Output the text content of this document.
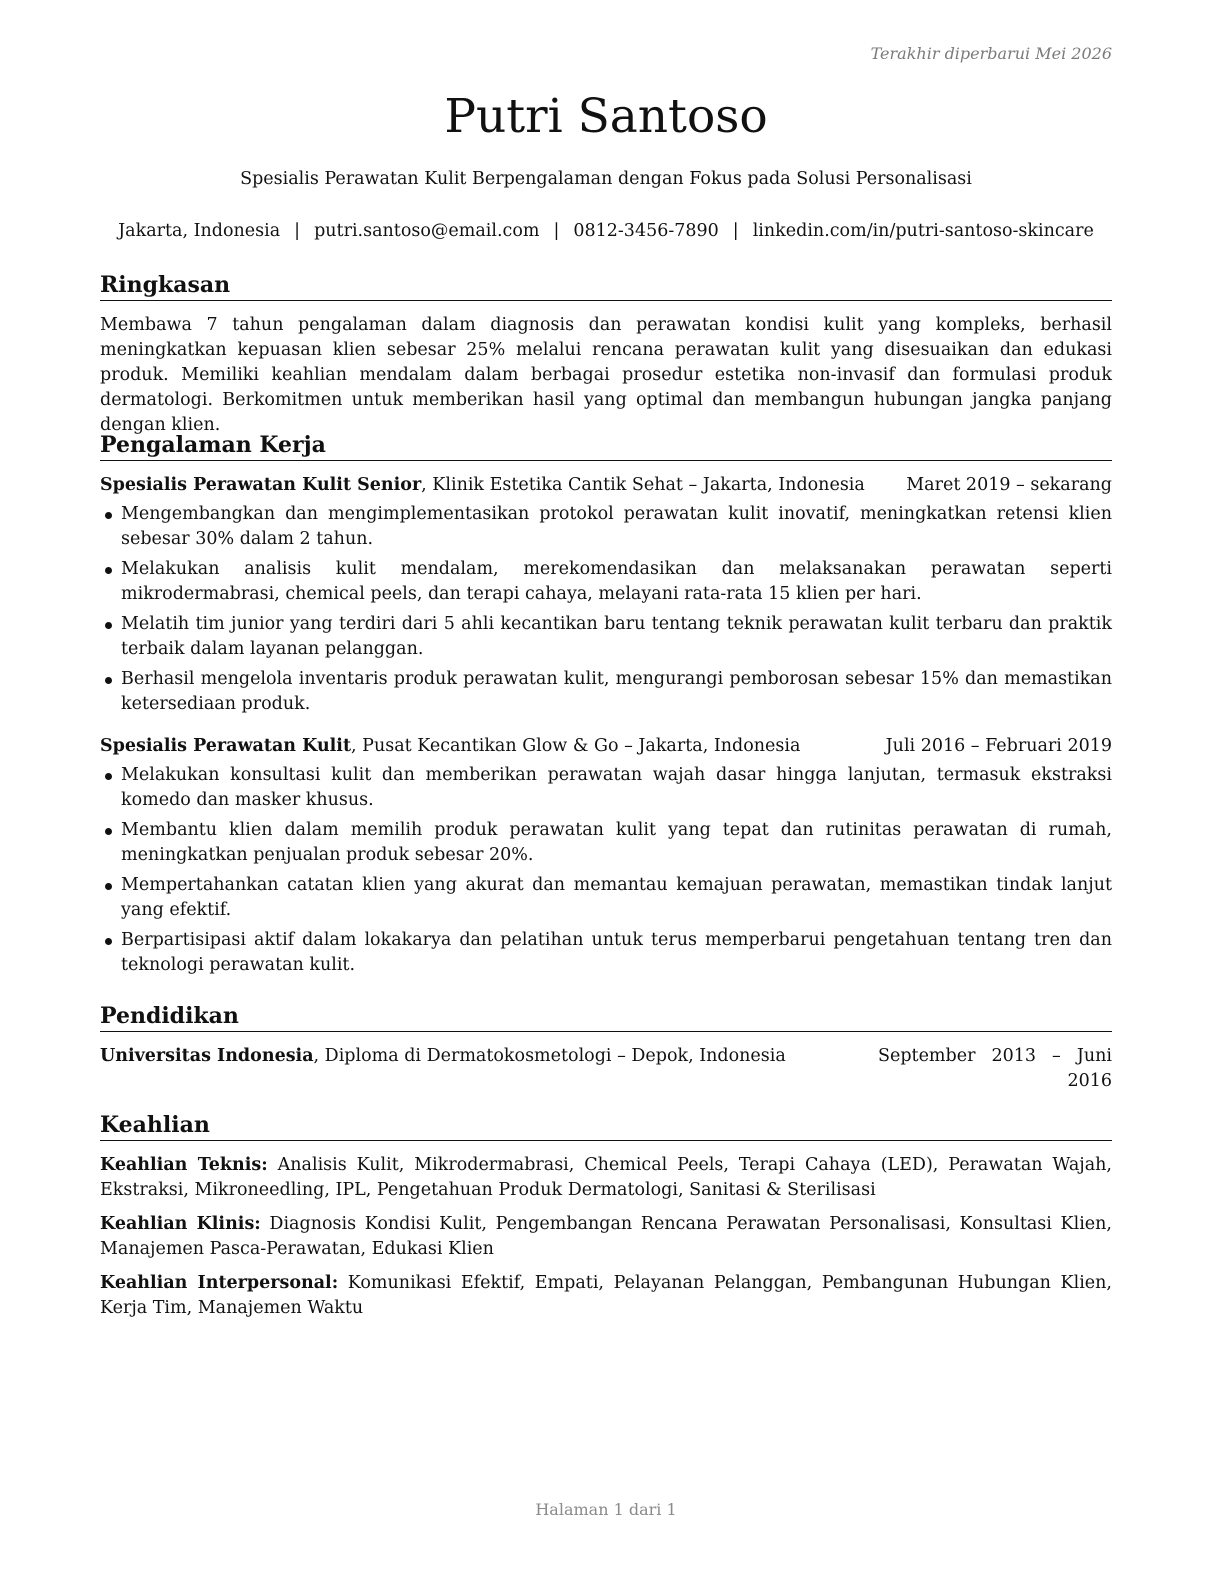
Terakhir diperbarui Mei 2026
Putri Santoso
Spesialis Perawatan Kulit Berpengalaman dengan Fokus pada Solusi Personalisasi
Jakarta, Indonesia | putri.santoso@email.com | 0812-3456-7890 | linkedin.com/in/putri-santoso-skincare
Ringkasan

Membawa 7 tahun pengalaman dalam diagnosis dan perawatan kondisi kulit yang kompleks, berhasil meningkatkan kepuasan klien sebesar 25% melalui rencana perawatan kulit yang disesuaikan dan edukasi produk. Memiliki keahlian mendalam dalam berbagai prosedur estetika non-invasif dan formulasi produk dermatologi. Berkomitmen untuk memberikan hasil yang optimal dan membangun hubungan jangka panjang dengan klien.

Pengalaman Kerja
Spesialis Perawatan Kulit Senior, Klinik Estetika Cantik Sehat – Jakarta, Indonesia Maret 2019 – sekarang
Mengembangkan dan mengimplementasikan protokol perawatan kulit inovatif, meningkatkan retensi klien sebesar 30% dalam 2 tahun.
Melakukan analisis kulit mendalam, merekomendasikan dan melaksanakan perawatan seperti mikrodermabrasi, chemical peels, dan terapi cahaya, melayani rata-rata 15 klien per hari.
Melatih tim junior yang terdiri dari 5 ahli kecantikan baru tentang teknik perawatan kulit terbaru dan praktik terbaik dalam layanan pelanggan.
Berhasil mengelola inventaris produk perawatan kulit, mengurangi pemborosan sebesar 15% dan memastikan ketersediaan produk.
Spesialis Perawatan Kulit, Pusat Kecantikan Glow & Go – Jakarta, Indonesia	Juli 2016 – Februari 2019
Melakukan konsultasi kulit dan memberikan perawatan wajah dasar hingga lanjutan, termasuk ekstraksi komedo dan masker khusus.
Membantu klien dalam memilih produk perawatan kulit yang tepat dan rutinitas perawatan di rumah, meningkatkan penjualan produk sebesar 20%.
Mempertahankan catatan klien yang akurat dan memantau kemajuan perawatan, memastikan tindak lanjut yang efektif.
Berpartisipasi aktif dalam lokakarya dan pelatihan untuk terus memperbarui pengetahuan tentang tren dan teknologi perawatan kulit.
Pendidikan
Universitas Indonesia, Diploma di Dermatokosmetologi – Depok, Indonesia	September 2013 – Juni 2016
Keahlian

Keahlian Teknis: Analisis Kulit, Mikrodermabrasi, Chemical Peels, Terapi Cahaya (LED), Perawatan Wajah, Ekstraksi, Mikroneedling, IPL, Pengetahuan Produk Dermatologi, Sanitasi & Sterilisasi

Keahlian Klinis: Diagnosis Kondisi Kulit, Pengembangan Rencana Perawatan Personalisasi, Konsultasi Klien, Manajemen Pasca-Perawatan, Edukasi Klien

Keahlian Interpersonal: Komunikasi Efektif, Empati, Pelayanan Pelanggan, Pembangunan Hubungan Klien, Kerja Tim, Manajemen Waktu

Halaman 1 dari 1
